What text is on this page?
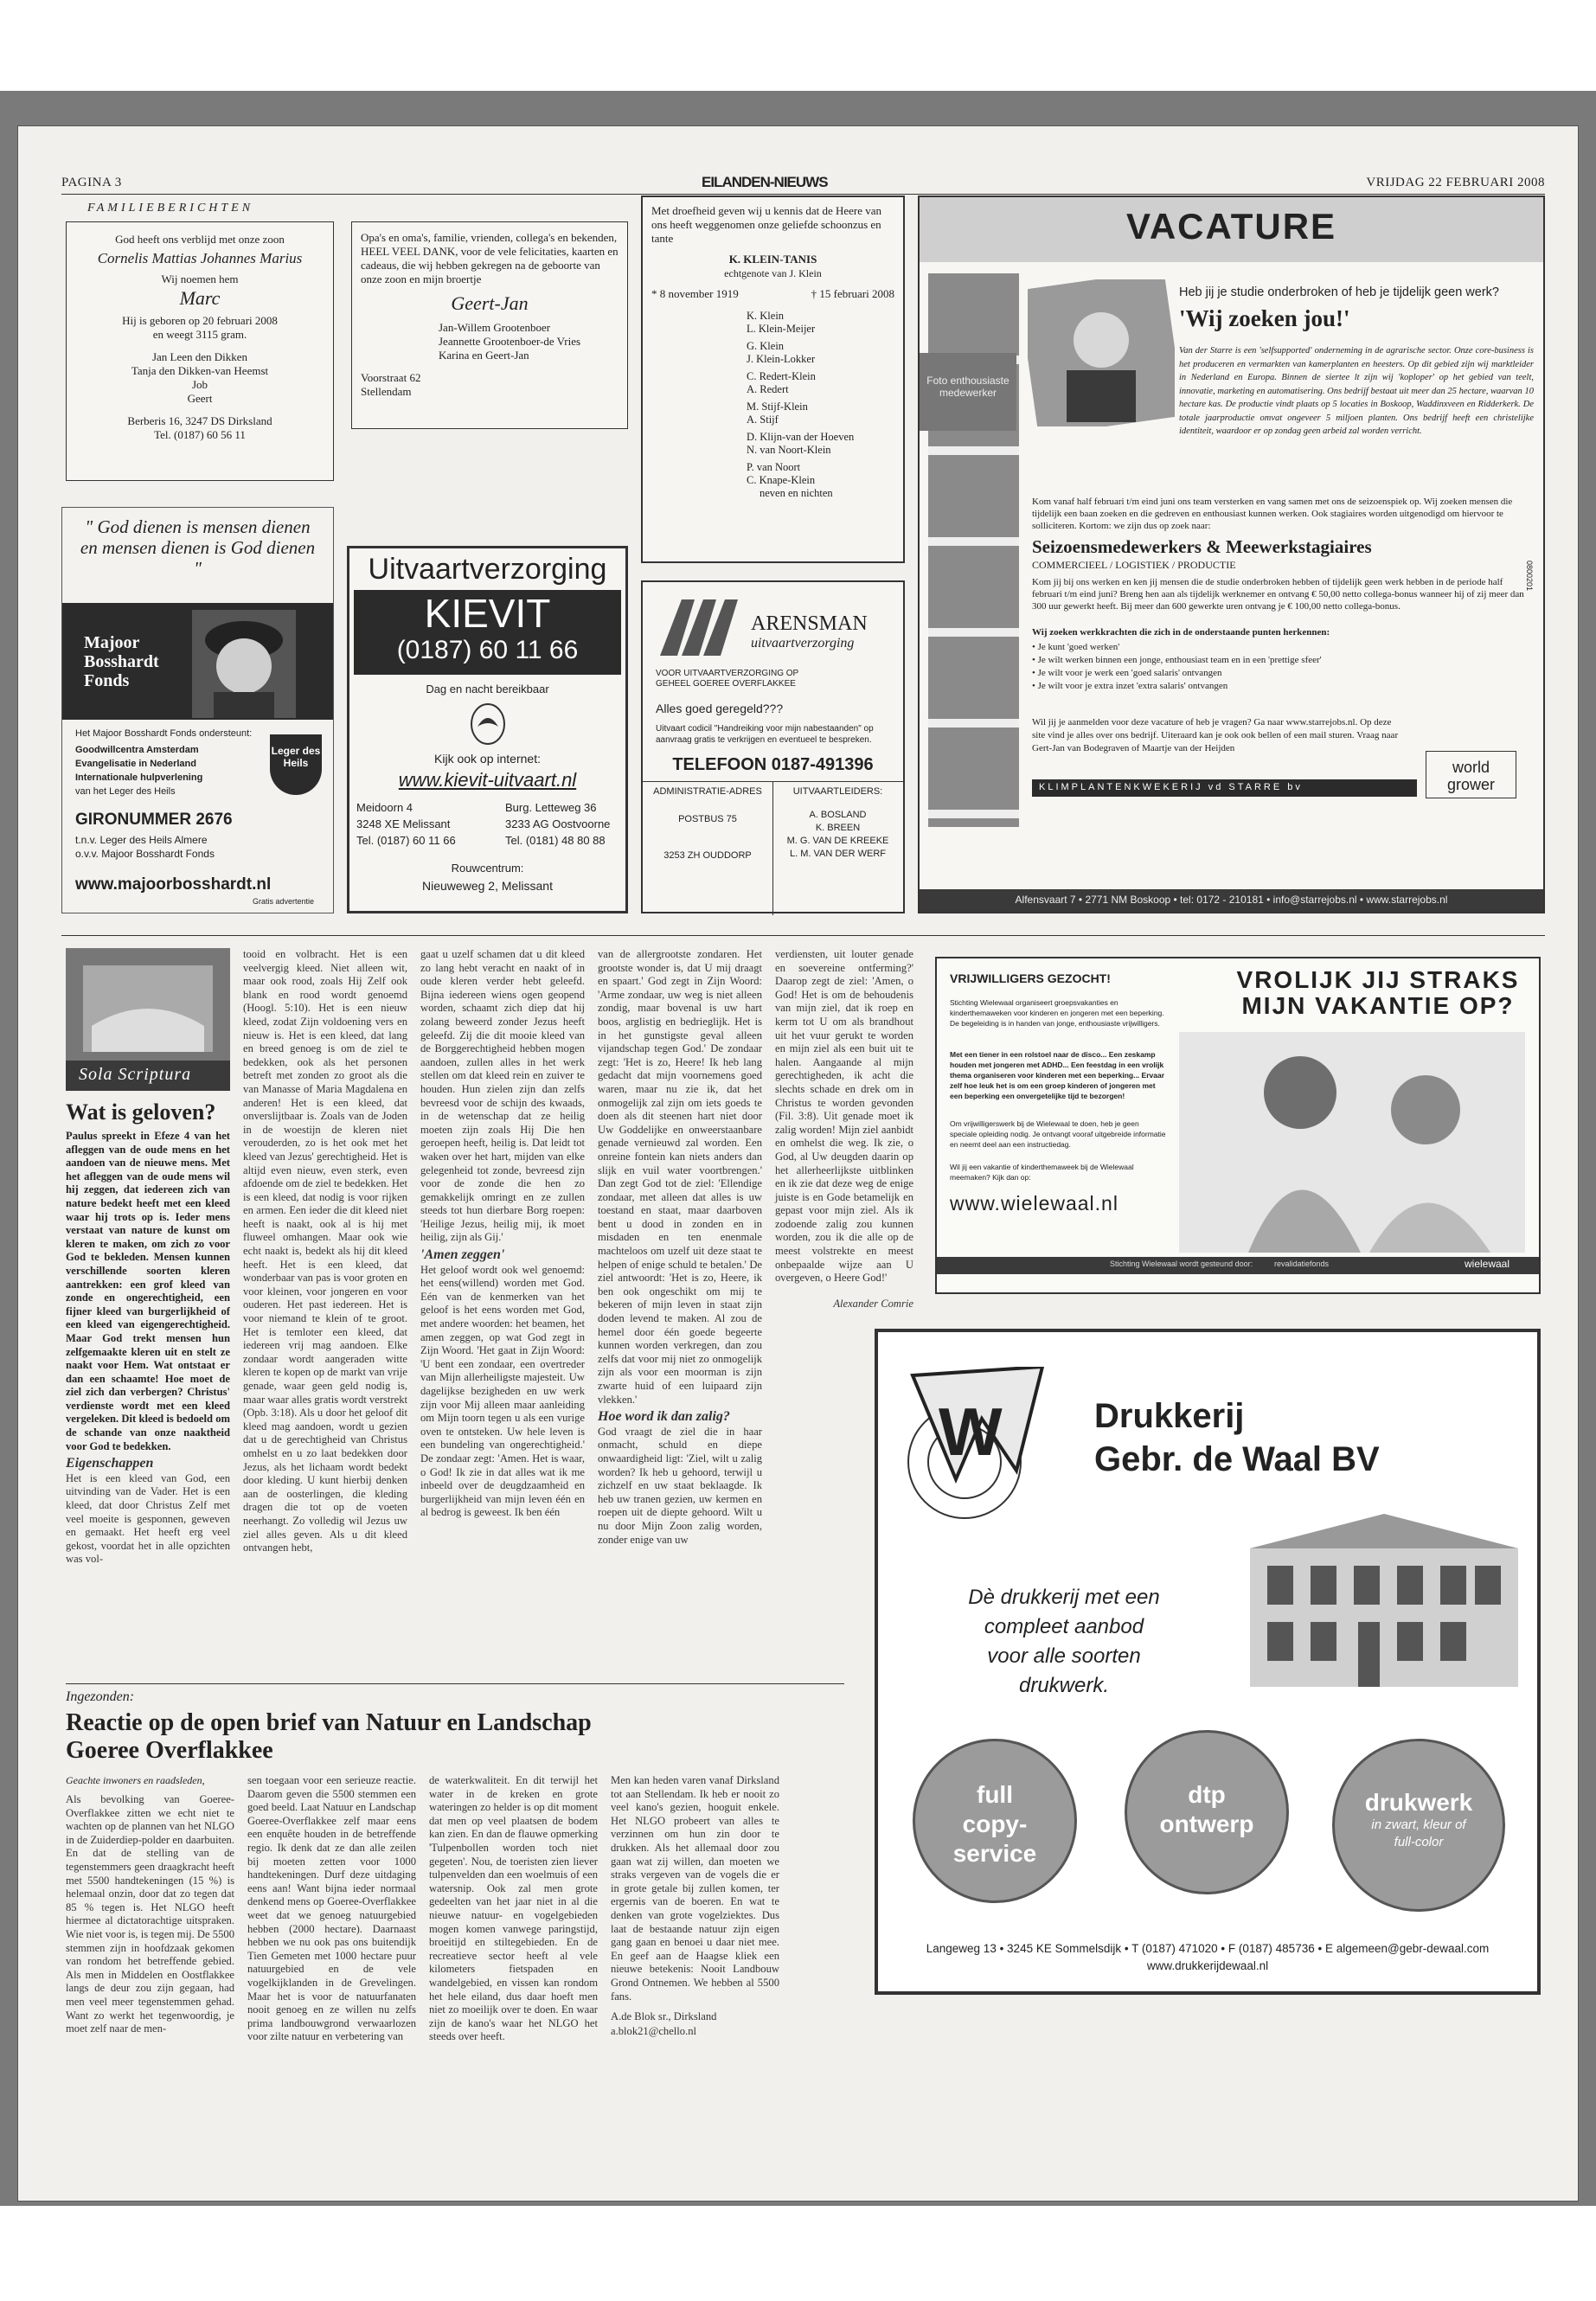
PAGINA 3	EILANDEN-NIEUWS	VRIJDAG 22 FEBRUARI 2008
FAMILIEBERICHTEN
God heeft ons verblijd met onze zoon
Cornelis Mattias Johannes Marius
Wij noemen hem
Marc
Hij is geboren op 20 februari 2008
en weegt 3115 gram.
Jan Leen den Dikken
Tanja den Dikken-van Heemst
Job
Geert
Berberis 16, 3247 DS Dirksland
Tel. (0187) 60 56 11
Opa's en oma's, familie, vrienden, collega's en bekenden, HEEL VEEL DANK, voor de vele felicitaties, kaarten en cadeaus, die wij hebben gekregen na de geboorte van onze zoon en mijn broertje
Geert-Jan
Jan-Willem Grootenboer
Jeannette Grootenboer-de Vries
Karina en Geert-Jan
Voorstraat 62
Stellendam
Met droefheid geven wij u kennis dat de Heere van ons heeft weggenomen onze geliefde schoonzus en tante
K. KLEIN-TANIS
echtgenote van J. Klein
* 8 november 1919	† 15 februari 2008
K. Klein
L. Klein-Meijer
G. Klein
J. Klein-Lokker
C. Redert-Klein
A. Redert
M. Stijf-Klein
A. Stijf
D. Klijn-van der Hoeven
N. van Noort-Klein
P. van Noort
C. Knape-Klein
neven en nichten
" God dienen is mensen dienen en mensen dienen is God dienen "
Majoor Bosshardt Fonds
Het Majoor Bosshardt Fonds ondersteunt:
Goodwillcentra Amsterdam
Evangelisatie in Nederland
Internationale hulpverlening
van het Leger des Heils
Leger des Heils
GIRONUMMER 2676
t.n.v. Leger des Heils Almere
o.v.v. Majoor Bosshardt Fonds
www.majoorbosshardt.nl
Gratis advertentie
Uitvaartverzorging
KIEVIT
(0187) 60 11 66
Dag en nacht bereikbaar
Kijk ook op internet:
www.kievit-uitvaart.nl
Meidoorn 4
3248 XE Melissant
Tel. (0187) 60 11 66
Burg. Letteweg 36
3233 AG Oostvoorne
Tel. (0181) 48 80 88
Rouwcentrum:
Nieuweweg 2, Melissant
ARENSMAN
uitvaartverzorging
VOOR UITVAARTVERZORGING OP
GEHEEL GOEREE OVERFLAKKEE
Alles goed geregeld???
Uitvaart codicil "Handreiking voor mijn nabestaanden" op aanvraag gratis te verkrijgen en eventueel te bespreken.
TELEFOON 0187-491396
ADMINISTRATIE-ADRES
POSTBUS 75
3253 ZH OUDDORP
UITVAARTLEIDERS:
A. BOSLAND
K. BREEN
M. G. VAN DE KREEKE
L. M. VAN DER WERF
VACATURE
Foto enthousiaste medewerker
Heb jij je studie onderbroken of heb je tijdelijk geen werk?
'Wij zoeken jou!'
Van der Starre is een 'selfsupported' onderneming in de agrarische sector. Onze core-business is het produceren en vermarkten van kamerplanten en heesters. Op dit gebied zijn wij marktleider in Nederland en Europa. Binnen de siertee lt zijn wij 'koploper' op het gebied van teelt, innovatie, marketing en automatisering. Ons bedrijf bestaat uit meer dan 25 hectare, waarvan 10 hectare kas. De productie vindt plaats op 5 locaties in Boskoop, Waddinxveen en Ridderkerk. De totale jaarproductie omvat ongeveer 5 miljoen planten. Ons bedrijf heeft een christelijke identiteit, waardoor er op zondag geen arbeid zal worden verricht.
Kom vanaf half februari t/m eind juni ons team versterken en vang samen met ons de seizoenspiek op. Wij zoeken mensen die tijdelijk een baan zoeken en die gedreven en enthousiast kunnen werken. Ook stagiaires worden uitgenodigd om hiervoor te solliciteren. Kortom: we zijn dus op zoek naar:
Seizoensmedewerkers & Meewerkstagiaires
COMMERCIEEL / LOGISTIEK / PRODUCTIE
Kom jij bij ons werken en ken jij mensen die de studie onderbroken hebben of tijdelijk geen werk hebben in de periode half februari t/m eind juni? Breng hen aan als tijdelijk werknemer en ontvang € 50,00 netto collega-bonus wanneer hij of zij meer dan 300 uur gewerkt heeft. Bij meer dan 600 gewerkte uren ontvang je € 100,00 netto collega-bonus.
Wij zoeken werkkrachten die zich in de onderstaande punten herkennen:
• Je kunt 'goed werken'
• Je wilt werken binnen een jonge, enthousiast team en in een 'prettige sfeer'
• Je wilt voor je werk een 'goed salaris' ontvangen
• Je wilt voor je extra inzet 'extra salaris' ontvangen
Wil jij je aanmelden voor deze vacature of heb je vragen? Ga naar www.starrejobs.nl. Op deze site vind je alles over ons bedrijf. Uiteraard kan je ook ook bellen of een mail sturen. Vraag naar Gert-Jan van Bodegraven of Maartje van der Heijden
KLIMPLANTENKWEKERIJ vd STARRE bv
world grower
0800201
Alfensvaart 7 • 2771 NM Boskoop • tel: 0172 - 210181 • info@starrejobs.nl • www.starrejobs.nl
Sola Scriptura
Wat is geloven?

Paulus spreekt in Efeze 4 van het afleggen van de oude mens en het aandoen van de nieuwe mens. Met het afleggen van de oude mens wil hij zeggen, dat iedereen zich van nature bedekt heeft met een kleed waar hij trots op is. Ieder mens verstaat van nature de kunst om kleren te maken, om zich zo voor God te bekleden. Mensen kunnen verschillende soorten kleren aantrekken: een grof kleed van zonde en ongerechtigheid, een fijner kleed van burgerlijkheid of een kleed van eigengerechtigheid. Maar God trekt mensen hun zelfgemaakte kleren uit en stelt ze naakt voor Hem. Wat ontstaat er dan een schaamte! Hoe moet de ziel zich dan verbergen? Christus' verdienste wordt met een kleed vergeleken. Dit kleed is bedoeld om de schande van onze naaktheid voor God te bedekken.

Eigenschappen

Het is een kleed van God, een uitvinding van de Vader. Het is een kleed, dat door Christus Zelf met veel moeite is gesponnen, geweven en gemaakt. Het heeft erg veel gekost, voordat het in alle opzichten was vol-

tooid en volbracht. Het is een veelvergig kleed. Niet alleen wit, maar ook rood, zoals Hij Zelf ook blank en rood wordt genoemd (Hoogl. 5:10). Het is een nieuw kleed, zodat Zijn voldoening vers en nieuw is. Het is een kleed, dat lang en breed genoeg is om de ziel te bedekken, ook als het personen betreft met zonden zo groot als die van Manasse of Maria Magdalena en anderen! Het is een kleed, dat onverslijtbaar is. Zoals van de Joden in de woestijn de kleren niet verouderden, zo is het ook met het kleed van Jezus' gerechtigheid. Het is altijd even nieuw, even sterk, even afdoende om de ziel te bedekken. Het is een kleed, dat nodig is voor rijken en armen. Een ieder die dit kleed niet heeft is naakt, ook al is hij met fluweel omhangen. Maar ook wie echt naakt is, bedekt als hij dit kleed heeft. Het is een kleed, dat wonderbaar van pas is voor groten en voor kleinen, voor jongeren en voor ouderen. Het past iedereen. Het is voor niemand te klein of te groot. Het is temloter een kleed, dat iedereen vrij mag aandoen. Elke zondaar wordt aangeraden witte kleren te kopen op de markt van vrije genade, waar geen geld nodig is, maar waar alles gratis wordt verstrekt (Opb. 3:18). Als u door het geloof dit kleed mag aandoen, wordt u gezien dat u de gerechtigheid van Christus omhelst en u zo laat bedekken door Jezus, als het lichaam wordt bedekt door kleding. U kunt hierbij denken aan de oosterlingen, die kleding dragen die tot op de voeten neerhangt. Zo volledig wil Jezus uw ziel alles geven. Als u dit kleed ontvangen hebt,

gaat u uzelf schamen dat u dit kleed zo lang hebt veracht en naakt of in oude kleren verder hebt geleefd. Bijna iedereen wiens ogen geopend worden, schaamt zich diep dat hij zolang beweerd zonder Jezus heeft geleefd. Zij die dit mooie kleed van de Borggerechtigheid hebben mogen aandoen, zullen alles in het werk stellen om dat kleed rein en zuiver te houden. Hun zielen zijn dan zelfs bevreesd voor de schijn des kwaads, in de wetenschap dat ze heilig moeten zijn zoals Hij Die hen geroepen heeft, heilig is. Dat leidt tot waken over het hart, mijden van elke gelegenheid tot zonde, bevreesd zijn voor de zonde die hen zo gemakkelijk omringt en ze zullen steeds tot hun dierbare Borg roepen: 'Heilige Jezus, heilig mij, ik moet heilig, zijn als Gij.'

'Amen zeggen'

Het geloof wordt ook wel genoemd: het eens(willend) worden met God. Eén van de kenmerken van het geloof is het eens worden met God, met andere woorden: het beamen, het amen zeggen, op wat God zegt in Zijn Woord. 'Het gaat in Zijn Woord: 'U bent een zondaar, een overtreder van Mijn allerheiligste majesteit. Uw dagelijkse bezigheden en uw werk zijn voor Mij alleen maar aanleiding om Mijn toorn tegen u als een vurige oven te ontsteken. Uw hele leven is een bundeling van ongerechtigheid.' De zondaar zegt: 'Amen. Het is waar, o God! Ik zie in dat alles wat ik me inbeeld over de deugdzaamheid en burgerlijkheid van mijn leven één en al bedrog is geweest. Ik ben één

van de allergrootste zondaren. Het grootste wonder is, dat U mij draagt en spaart.' God zegt in Zijn Woord: 'Arme zondaar, uw weg is niet alleen zondig, maar bovenal is uw hart boos, arglistig en bedrieglijk. Het is in het gunstigste geval alleen vijandschap tegen God.' De zondaar zegt: 'Het is zo, Heere! Ik heb lang gedacht dat mijn voornemens goed waren, maar nu zie ik, dat het onmogelijk zal zijn om iets goeds te doen als dit steenen hart niet door Uw Goddelijke en onweerstaanbare genade vernieuwd zal worden. Een onreine fontein kan niets anders dan slijk en vuil water voortbrengen.' Dan zegt God tot de ziel: 'Ellendige zondaar, met alleen dat alles is uw toestand en staat, maar daarboven bent u dood in zonden en in misdaden en ten enenmale machteloos om uzelf uit deze staat te helpen of enige schuld te betalen.' De ziel antwoordt: 'Het is zo, Heere, ik ben ook ongeschikt om mij te bekeren of mijn leven in staat zijn doden levend te maken. Al zou de hemel door één goede begeerte kunnen worden verkregen, dan zou zelfs dat voor mij niet zo onmogelijk zijn als voor een moorman is zijn zwarte huid of een luipaard zijn vlekken.'

Hoe word ik dan zalig?

God vraagt de ziel die in haar onmacht, schuld en diepe onwaardigheid ligt: 'Ziel, wilt u zalig worden? Ik heb u gehoord, terwijl u zichzelf en uw staat beklaagde. Ik heb uw tranen gezien, uw kermen en roepen uit de diepte gehoord. Wilt u nu door Mijn Zoon zalig worden, zonder enige van uw

verdiensten, uit louter genade en soevereine ontferming?' Daarop zegt de ziel: 'Amen, o God! Het is om de behoudenis van mijn ziel, dat ik roep en kerm tot U om als brandhout uit het vuur gerukt te worden en mijn ziel als een buit uit te halen. Aangaande al mijn gerechtigheden, ik acht die slechts schade en drek om in Christus te worden gevonden (Fil. 3:8). Uit genade moet ik zalig worden! Mijn ziel aanbidt en omhelst die weg. Ik zie, o God, al Uw deugden daarin op het allerheerlijkste uitblinken en ik zie dat deze weg de enige juiste is en Gode betamelijk en gepast voor mijn ziel. Als ik zodoende zalig zou kunnen worden, zou ik die alle op de meest volstrekte en meest onbepaalde wijze aan U overgeven, o Heere God!'

Alexander Comrie

VRIJWILLIGERS GEZOCHT!	VROLIJK JIJ STRAKS MIJN VAKANTIE OP?
Stichting Wielewaal organiseert groepsvakanties en kinderthemaweken voor kinderen en jongeren met een beperking. De begeleiding is in handen van jonge, enthousiaste vrijwilligers.
Met een tiener in een rolstoel naar de disco... Een zeskamp houden met jongeren met ADHD... Een feestdag in een vrolijk thema organiseren voor kinderen met een beperking... Ervaar zelf hoe leuk het is om een groep kinderen of jongeren met een beperking een onvergetelijke tijd te bezorgen!
Om vrijwilligerswerk bij de Wielewaal te doen, heb je geen speciale opleiding nodig. Je ontvangt vooraf uitgebreide informatie en neemt deel aan een instructiedag.
Wil jij een vakantie of kinderthemaweek bij de Wielewaal meemaken? Kijk dan op:
www.wielewaal.nl
Stichting Wielewaal wordt gesteund door:	revalidatiefonds	wielewaal
W	Drukkerij
Gebr. de Waal BV
Dè drukkerij met een
compleet aanbod
voor alle soorten
drukwerk.
full
copy-
service
dtp
ontwerp
drukwerk
in zwart, kleur of
full-color
Langeweg 13 • 3245 KE Sommelsdijk • T (0187) 471020 • F (0187) 485736 • E algemeen@gebr-dewaal.com
www.drukkerijdewaal.nl
Ingezonden:
Reactie op de open brief van Natuur en Landschap
Goeree Overflakkee
Geachte inwoners en raadsleden,
Als bevolking van Goeree-Overflakkee zitten we echt niet te wachten op de plannen van het NLGO in de Zuiderdiep-polder en daarbuiten. En dat de stelling van de tegenstemmers geen draagkracht heeft met 5500 handtekeningen (15 %) is helemaal onzin, door dat zo tegen dat 85 % tegen is. Het NLGO heeft hiermee al dictatorachtige uitspraken. Wie niet voor is, is tegen mij. De 5500 stemmen zijn in hoofdzaak gekomen van rondom het betreffende gebied. Als men in Middelen en Oostflakkee langs de deur zou zijn gegaan, had men veel meer tegenstemmen gehad. Want zo werkt het tegenwoordig, je moet zelf naar de men-
sen toegaan voor een serieuze reactie. Daarom geven die 5500 stemmen een goed beeld. Laat Natuur en Landschap Goeree-Overflakkee zelf maar eens een enquête houden in de betreffende regio. Ik denk dat ze dan alle zeilen bij moeten zetten voor 1000 handtekeningen. Durf deze uitdaging eens aan! Want bijna ieder normaal denkend mens op Goeree-Overflakkee weet dat we genoeg natuurgebied hebben (2000 hectare). Daarnaast hebben we nu ook pas ons buitendijk Tien Gemeten met 1000 hectare puur natuurgebied en de vele vogelkijklanden in de Grevelingen. Maar het is voor de natuurfanaten nooit genoeg en ze willen nu zelfs prima landbouwgrond verwaarlozen voor zilte natuur en verbetering van
de waterkwaliteit. En dit terwijl het water in de kreken en grote wateringen zo helder is op dit moment dat men op veel plaatsen de bodem kan zien. En dan de flauwe opmerking 'Tulpenbollen worden toch niet gegeten'. Nou, de toeristen zien liever tulpenvelden dan een woelmuis of een watersnip. Ook zal men grote gedeelten van het jaar niet in al die nieuwe natuur- en vogelgebieden mogen komen vanwege paringstijd, broeitijd en stiltegebieden. En de recreatieve sector heeft al vele kilometers fietspaden en wandelgebied, en vissen kan rondom het hele eiland, dus daar hoeft men niet zo moeilijk over te doen. En waar zijn de kano's waar het NLGO het steeds over heeft.

Men kan heden varen vanaf Dirksland tot aan Stellendam. Ik heb er nooit zo veel kano's gezien, hooguit enkele. Het NLGO probeert van alles te verzinnen om hun zin door te drukken. Als het allemaal door zou gaan wat zij willen, dan moeten we straks vergeven van de vogels die er in grote getale bij zullen komen, ter ergernis van de boeren. En wat te denken van grote vogelziektes. Dus laat de bestaande natuur zijn eigen gang gaan en benoei u daar niet mee. En geef aan de Haagse kliek een nieuwe betekenis: Nooit Landbouw Grond Ontnemen. We hebben al 5500 fans.

A.de Blok sr., Dirksland

a.blok21@chello.nl
